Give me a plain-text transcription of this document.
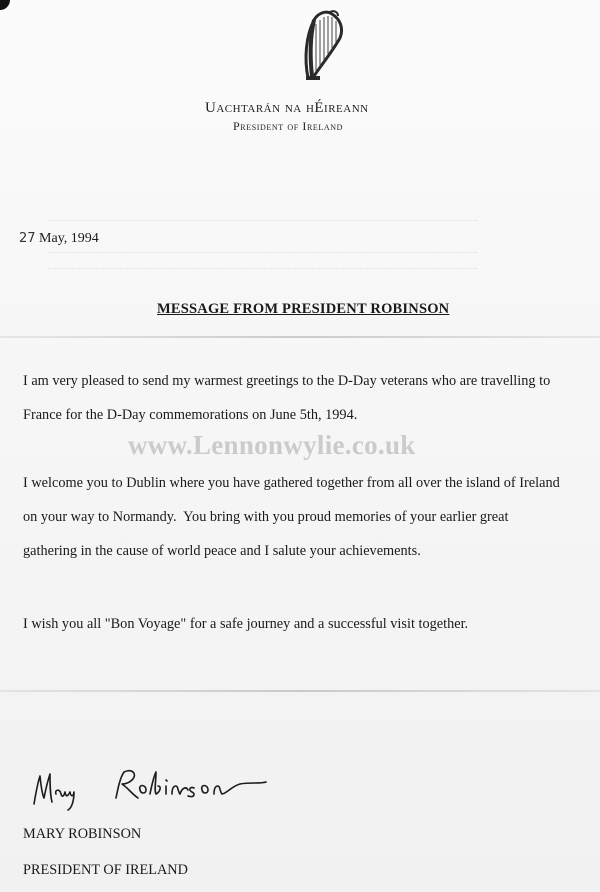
Uachtarán na hÉireann
President of Ireland
~~~~~~~~~~~~~~~~~~~~~~~~~~~~~~~~~~~~~~~~~~~~~~~~~~~~~~~~~~~~~~~~~~~~~~~~

~~~~~~~~~~~~~~~~~~~~~~~~~~~~~~~~~~~~~~~~~~~~~~~~~~~~~~~~~~~~~~~~~~~~~~~~
~~~~~~~~~~~~~~~~~~~~~~~~~~~~~~~~~~~~~~~~~~~~~~~~~~~~~~~~~~~~~~~~~~~~~~~~
27 May, 1994
MESSAGE FROM PRESIDENT ROBINSON
I am very pleased to send my warmest greetings to the D-Day veterans who are travelling to
France for the D-Day commemorations on June 5th, 1994.
www.Lennonwylie.co.uk
I welcome you to Dublin where you have gathered together from all over the island of Ireland
on your way to Normandy.  You bring with you proud memories of your earlier great
gathering in the cause of world peace and I salute your achievements.
I wish you all "Bon Voyage" for a safe journey and a successful visit together.
MARY ROBINSON
PRESIDENT OF IRELAND
